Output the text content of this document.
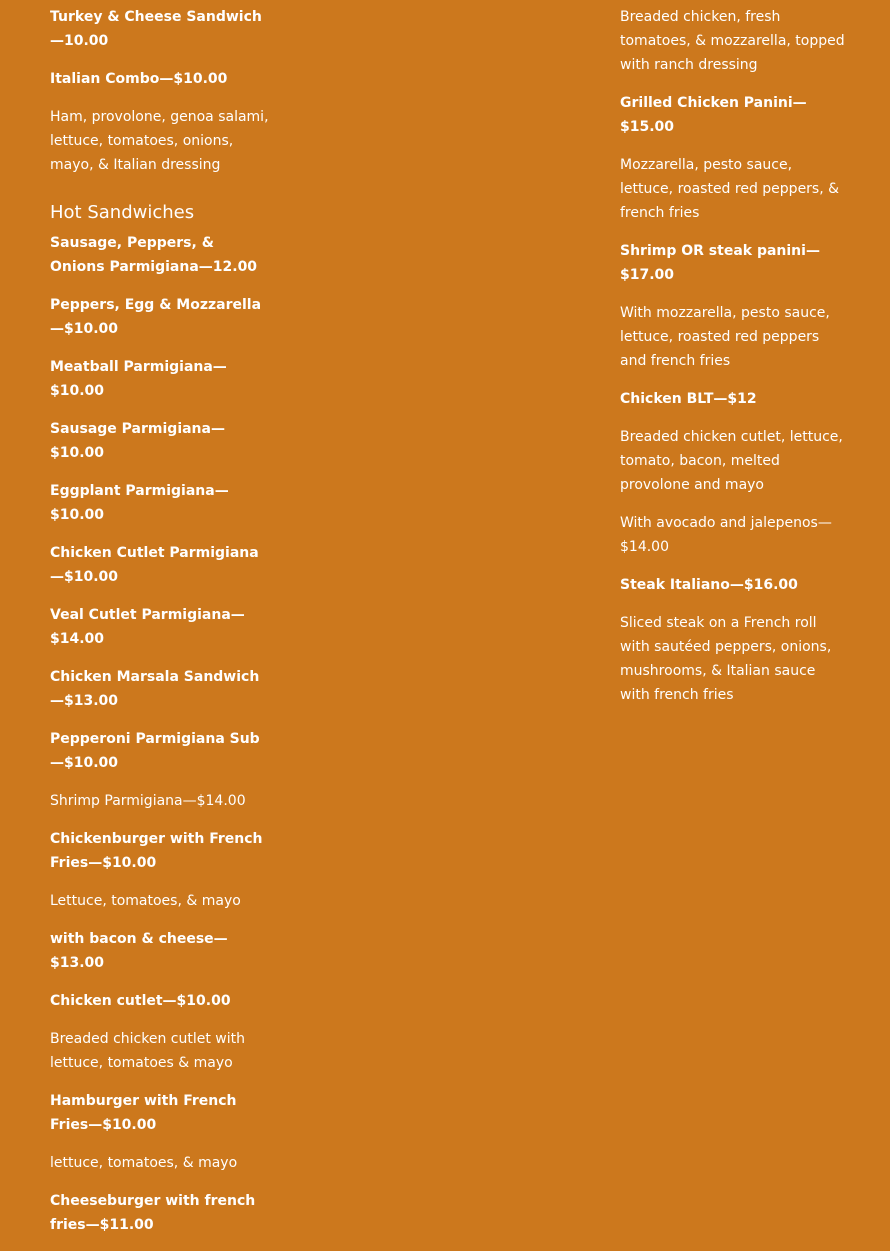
Turkey & Cheese Sandwich—10.00

Italian Combo—$10.00

Ham, provolone, genoa salami, lettuce, tomatoes, onions, mayo, & Italian dressing

Hot Sandwiches

Sausage, Peppers, & Onions Parmigiana—12.00

Peppers, Egg & Mozzarella—$10.00

Meatball Parmigiana—$10.00

Sausage Parmigiana—$10.00

Eggplant Parmigiana—$10.00

Chicken Cutlet Parmigiana—$10.00

Veal Cutlet Parmigiana—$14.00

Chicken Marsala Sandwich—$13.00

Pepperoni Parmigiana Sub—$10.00

Shrimp Parmigiana—$14.00

Chickenburger with French Fries—$10.00

Lettuce, tomatoes, & mayo

with bacon & cheese—$13.00

Chicken cutlet—$10.00

Breaded chicken cutlet with lettuce, tomatoes & mayo

Hamburger with French Fries—$10.00

lettuce, tomatoes, & mayo

Cheeseburger with french fries—$11.00

Breaded chicken, fresh tomatoes, & mozzarella, topped with ranch dressing

Grilled Chicken Panini—$15.00

Mozzarella, pesto sauce, lettuce, roasted red peppers, & french fries

Shrimp OR steak panini—$17.00

With mozzarella, pesto sauce, lettuce, roasted red peppers and french fries

Chicken BLT—$12

Breaded chicken cutlet, lettuce, tomato, bacon, melted provolone and mayo

With avocado and jalepenos—$14.00

Steak Italiano—$16.00

Sliced steak on a French roll with sautéed peppers, onions, mushrooms, & Italian sauce with french fries
